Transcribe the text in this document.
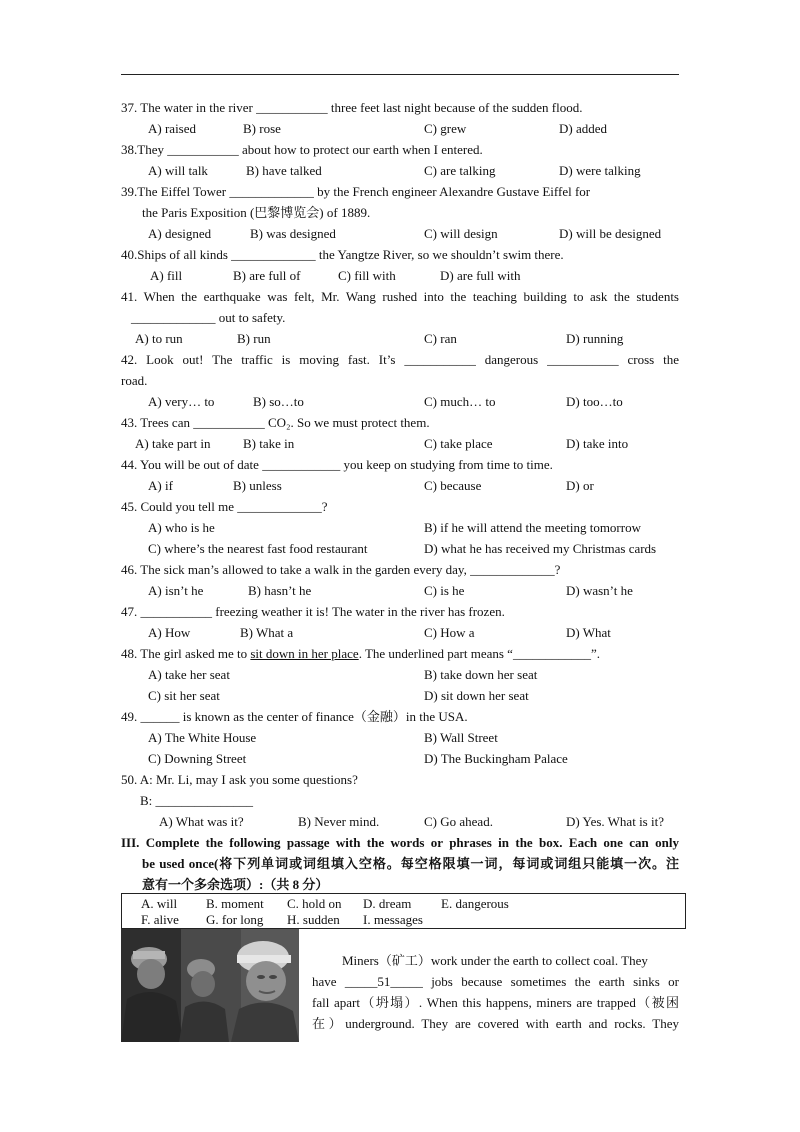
37. The water in the river ___________ three feet last night because of the sudden flood.
A) raised	B) rose	C) grew	D) added
38.They ___________ about how to protect our earth when I entered.
A) will talk	B) have talked	C) are talking	D) were talking
39.The Eiffel Tower _____________ by the French engineer Alexandre Gustave Eiffel for
the Paris Exposition (巴黎博览会) of 1889.
A) designed	B) was designed	C) will design	D) will be designed
40.Ships of all kinds _____________ the Yangtze River, so we shouldn’t swim there.
A) fill	B) are full of	C) fill with	D) are full with
41. When the earthquake was felt, Mr. Wang rushed into the teaching building to ask the students
_____________ out to safety.
A) to run	B) run	C) ran	D) running
42. Look out! The traffic is moving fast. It’s ___________ dangerous ___________ cross the
road.
A) very… to	B) so…to	C) much… to	D) too…to
43. Trees can ___________ CO₂. So we must protect them.
A) take part in	B) take in	C) take place	D) take into
44. You will be out of date ____________ you keep on studying from time to time.
A) if	B) unless	C) because	D) or
45. Could you tell me _____________?
A) who is he	B) if he will attend the meeting tomorrow
C) where’s the nearest fast food restaurant	D) what he has received my Christmas cards
46. The sick man’s allowed to take a walk in the garden every day, _____________?
A) isn’t he	B) hasn’t he	C) is he	D) wasn’t he
47. ___________ freezing weather it is! The water in the river has frozen.
A) How	B) What a	C) How a	D) What
48. The girl asked me to sit down in her place. The underlined part means “____________”.
A) take her seat	B) take down her seat
C) sit her seat	D) sit down her seat
49. ______ is known as the center of finance（金融）in the USA.
A) The White House	B) Wall Street
C) Downing Street	D) The Buckingham Palace
50. A: Mr. Li, may I ask you some questions?
B: _______________
A) What was it?	B) Never mind.	C) Go ahead.	D) Yes. What is it?
III. Complete the following passage with the words or phrases in the box. Each one can only
be used once(将下列单词或词组填入空格。每空格限填一词，每词或词组只能填一次。注
意有一个多余选项）:（共 8 分）
A. will B. moment C. hold on D. dream E. dangerous
F. alive G. for long H. sudden I. messages
Miners（矿工）work under the earth to collect coal. They
have _____51_____ jobs because sometimes the earth sinks or
fall apart（坍塌）. When this happens, miners are trapped（被困
在）underground. They are covered with earth and rocks. They
